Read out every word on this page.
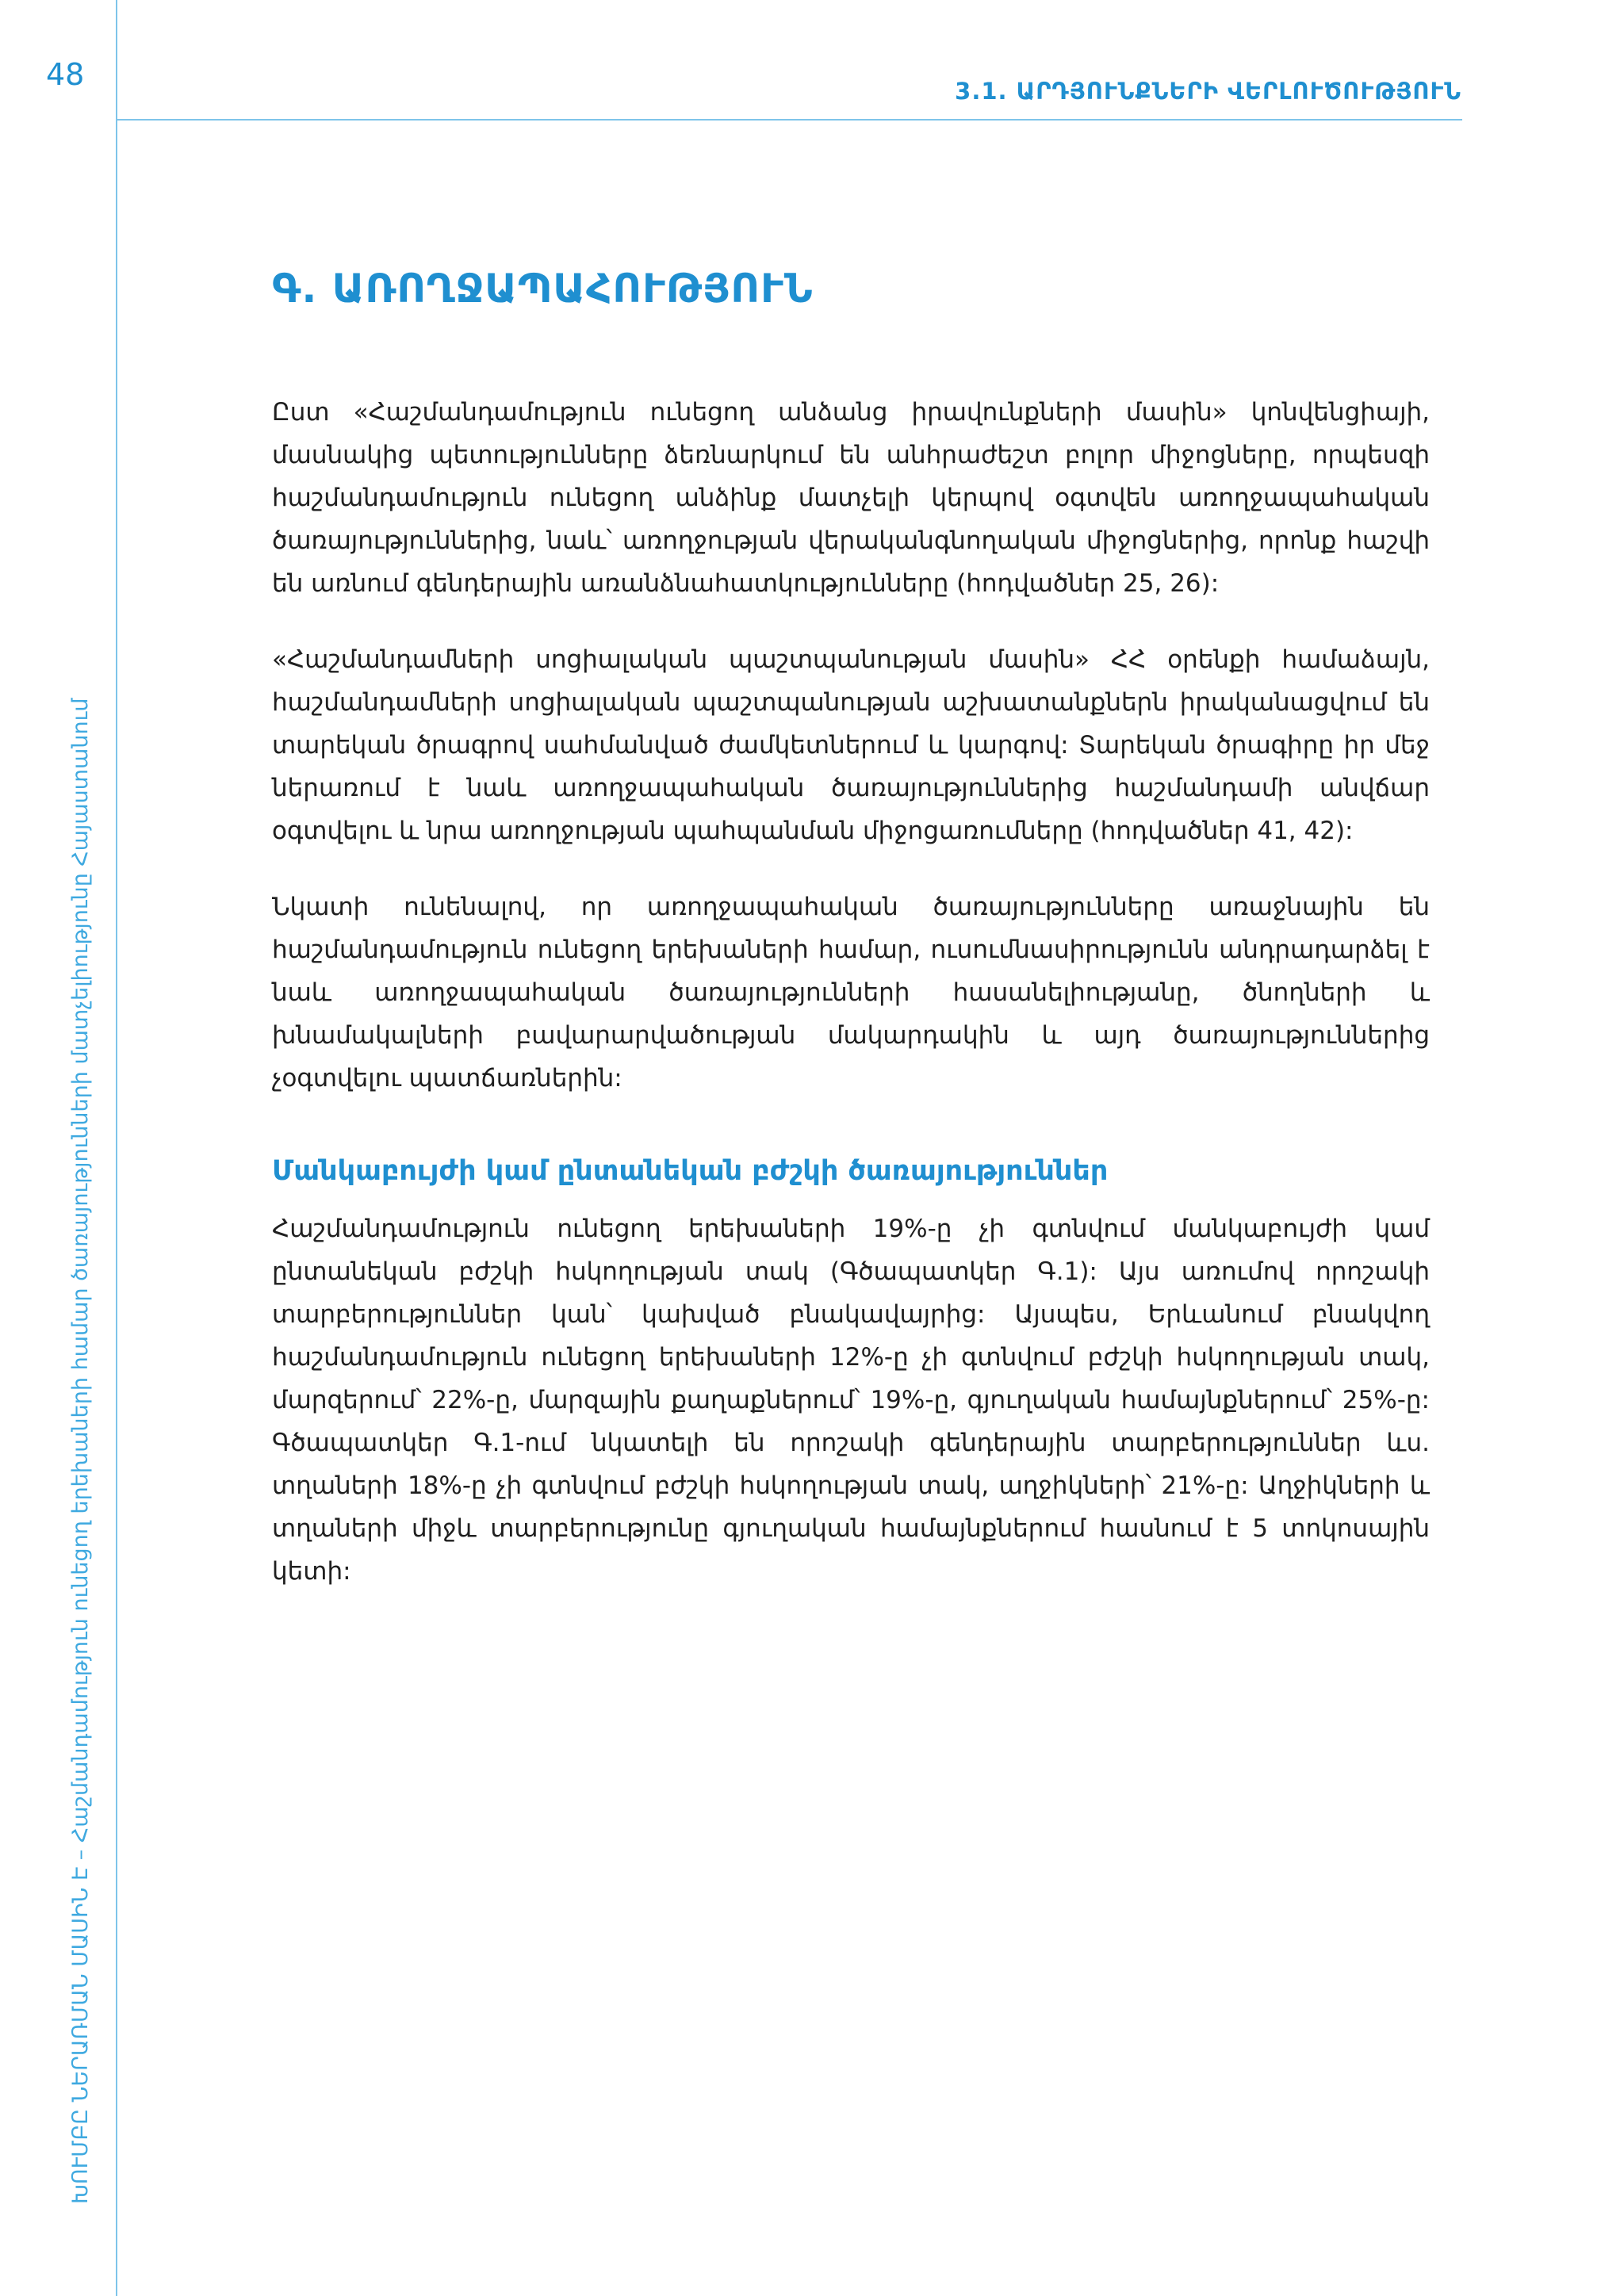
48	3.1. ԱՐԴՅՈՒՆՔՆԵՐԻ ՎԵՐԼՈՒԾՈՒԹՅՈՒՆ
ԽՈՒՄԲԸ ՆԵՐԱՌՄԱՆ ՄԱՍԻՆ Է – Հաշմանդամություն ունեցող երեխաների համար ծառայությունների մատչելիությունը Հայաստանում
Գ. ԱՌՈՂՋԱՊԱՀՈՒԹՅՈՒՆ

Ըստ «Հաշմանդամություն ունեցող անձանց իրավունքների մասին» կոնվենցիայի, մասնակից պետությունները ձեռնարկում են անհրաժեշտ բոլոր միջոցները, որպեսզի հաշմանդամություն ունեցող անձինք մատչելի կերպով օգտվեն առողջապահական ծառայություններից, նաև՝ առողջության վերականգնողական միջոցներից, որոնք հաշվի են առնում գենդերային առանձնահատկությունները (հոդվածներ 25, 26):

«Հաշմանդամների սոցիալական պաշտպանության մասին» ՀՀ օրենքի համաձայն, հաշմանդամների սոցիալական պաշտպանության աշխատանքներն իրականացվում են տարեկան ծրագրով սահմանված ժամկետներում և կարգով: Տարեկան ծրագիրը իր մեջ ներառում է նաև առողջապահական ծառայություններից հաշմանդամի անվճար օգտվելու և նրա առողջության պահպանման միջոցառումները (հոդվածներ 41, 42):

Նկատի ունենալով, որ առողջապահական ծառայությունները առաջնային են հաշմանդամություն ունեցող երեխաների համար, ուսումնասիրությունն անդրադարձել է նաև առողջապահական ծառայությունների հասանելիությանը, ծնողների և խնամակալների բավարարվածության մակարդակին և այդ ծառայություններից չօգտվելու պատճառներին:

Մանկաբույժի կամ ընտանեկան բժշկի ծառայություններ

Հաշմանդամություն ունեցող երեխաների 19%-ը չի գտնվում մանկաբույժի կամ ընտանեկան բժշկի հսկողության տակ (Գծապատկեր Գ.1): Այս առումով որոշակի տարբերություններ կան՝ կախված բնակավայրից: Այսպես, Երևանում բնակվող հաշմանդամություն ունեցող երեխաների 12%-ը չի գտնվում բժշկի հսկողության տակ, մարզերում՝ 22%-ը, մարզային քաղաքներում՝ 19%-ը, գյուղական համայնքներում՝ 25%-ը: Գծապատկեր Գ.1-ում նկատելի են որոշակի գենդերային տարբերություններ ևս. տղաների 18%-ը չի գտնվում բժշկի հսկողության տակ, աղջիկների՝ 21%-ը: Աղջիկների և տղաների միջև տարբերությունը գյուղական համայնքներում հասնում է 5 տոկոսային կետի:
